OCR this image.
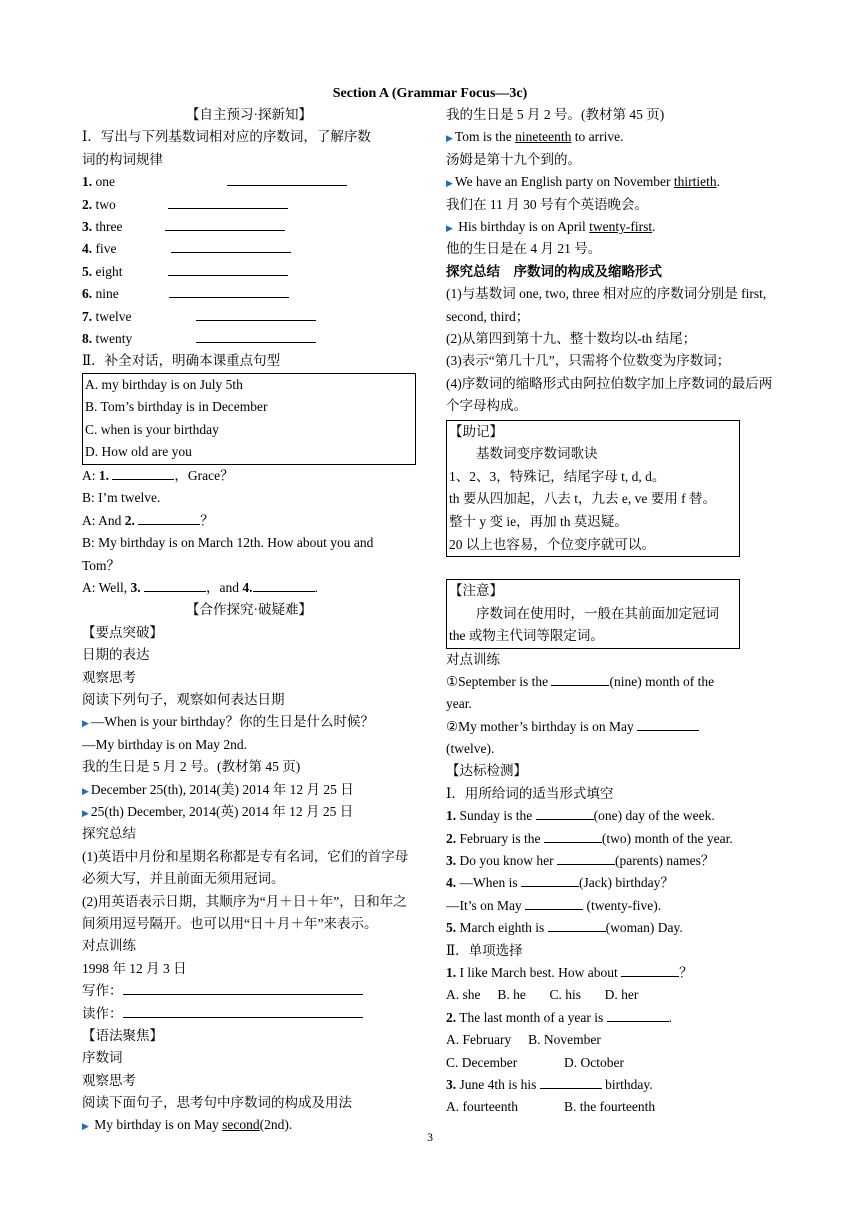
Section A (Grammar Focus—3c)
【自主预习·探新知】
Ⅰ．写出与下列基数词相对应的序数词，了解序数
词的构词规律
1. one
2. two
3. three
4. five
5. eight
6. nine
7. twelve
8. twenty
Ⅱ．补全对话，明确本课重点句型
A. my birthday is on July 5th
B. Tom’s birthday is in December
C. when is your birthday
D. How old are you
A: 1.	，Grace？
B: I’m twelve.
A: And 2.	？
B: My birthday is on March 12th. How about you and
Tom？
A: Well, 3.	，and 4.	.
【合作探究·破疑难】
【要点突破】
日期的表达
观察思考
阅读下列句子，观察如何表达日期
▶ —When is your birthday？你的生日是什么时候？
—My birthday is on May 2nd.
我的生日是 5 月 2 号。(教材第 45 页)
▶ December 25(th), 2014(美) 2014 年 12 月 25 日
▶ 25(th) December, 2014(英) 2014 年 12 月 25 日
探究总结
(1)英语中月份和星期名称都是专有名词，它们的首字母必须大写，并且前面无须用冠词。
(2)用英语表示日期，其顺序为“月＋日＋年”，日和年之间须用逗号隔开。也可以用“日＋月＋年”来表示。
对点训练
1998 年 12 月 3 日
写作：
读作：
【语法聚焦】
序数词
观察思考
阅读下面句子，思考句中序数词的构成及用法
▶ My birthday is on May second(2nd).
我的生日是 5 月 2 号。(教材第 45 页)
▶ Tom is the nineteenth to arrive.
汤姆是第十九个到的。
▶ We have an English party on November thirtieth.
我们在 11 月 30 号有个英语晚会。
▶ His birthday is on April twenty-first.
他的生日是在 4 月 21 号。
探究总结　序数词的构成及缩略形式
(1)与基数词 one, two, three 相对应的序数词分别是 first, second, third；
(2)从第四到第十九、整十数均以-th 结尾；
(3)表示“第几十几”，只需将个位数变为序数词；
(4)序数词的缩略形式由阿拉伯数字加上序数词的最后两个字母构成。
【助记】
基数词变序数词歌诀
1、2、3，特殊记，结尾字母 t, d, d。
th 要从四加起，八去 t，九去 e, ve 要用 f 替。
整十 y 变 ie，再加 th 莫迟疑。
20 以上也容易，个位变序就可以。
【注意】
序数词在使用时，一般在其前面加定冠词 the 或物主代词等限定词。
对点训练
①September is the	(nine) month of the
year.
②My mother’s birthday is on May
(twelve).
【达标检测】
Ⅰ．用所给词的适当形式填空
1. Sunday is the	(one) day of the week.
2. February is the	(two) month of the year.
3. Do you know her	(parents) names？
4. —When is	(Jack) birthday？
—It’s on May	(twenty-five).
5. March eighth is	(woman) Day.
Ⅱ．单项选择
1. I like March best. How about	？
A. she B. he C. his D. her
2. The last month of a year is	.
A. February B. November
C. December	D. October
3. June 4th is his	birthday.
A. fourteenth	B. the fourteenth
3
